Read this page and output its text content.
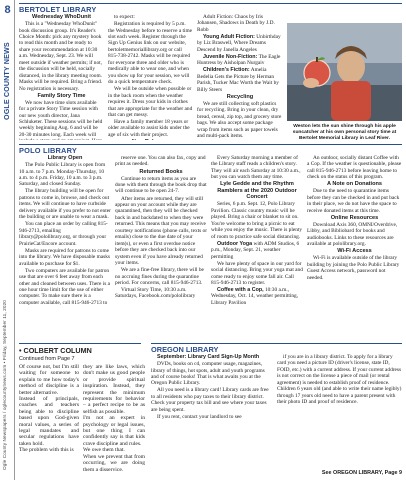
8
OGLE COUNTY NEWS
Ogle County Newspapers / oglecountynews.com • Friday, September 11, 2020
BERTOLET LIBRARY

Wednesday WhoDunit

This is a "Wednesday WhoDunit" book discussion group. It's Reader's Choice Month: pick any mystery book to read this month and be ready to share your recommendation at 10:30 a.m. Wednesday, Sept. 23. We will meet outside if weather permits; if not, the discussion will be held, socially distanced, in the library meeting room. Masks will be required. Bring a friend. No registration is necessary.

Family Story Time

We now have time slots available for a private Story Time session with our new youth director, Jana Schluketer. These sessions will be held weekly beginning Aug. 6 and will be 20-30 minutes long. Each week will

to expect:

Registration is required by 5 p.m. the Wednesday before to reserve a time slot each week. Register through the Sign Up Genius link on our website, bertoletmemoriallibrary.org or call 815-738-2742. Masks will be required for everyone three and older who is medically able to wear one, and when you show up for your session, we will do a quick temperature check.

We will be outside when possible or in the back room when the weather requires it. Dress your kids in clothes that are appropriate for the weather and that can get messy.

Have a family member 18 years or older available to assist kids under the age of six with their project.

Adult Fiction: Chaos by Iris Johansen, Shadows in Death by J.D. Robb

Young Adult Fiction: Unbirthday by Liz Braswell, Where Dreams Descend by Janella Angeles

Juvenile Non-Fiction: The Eagle Huntress by Aisholpan Nurgaiv

Children's Fiction: Amelia Bedelia Gets the Picture by Herman Parish, Tucker Mac Worth the Wait by Billy Steers

Recycling

We are still collecting soft plastics for recycling. Bring in your clean, dry bread, cereal, zip top, and grocery store bags. We also accept some package wrap from items such as paper towels and multi-pack items.

Weston lets the sun shine through his apple suncatcher at his own personal story time at Bertolet Memorial Library in Leaf River.
POLO LIBRARY

Library Open

The Polo Public Library is open from 10 a.m. to 7 p.m. Monday-Thursday, 10 a.m. to 4 p.m. Friday, 10 a.m. to 3 p.m. Saturday, and closed Sunday.

The library building will be open for patrons to come in, browse, and check out items. We will continue to have curbside delivery available if you prefer to not enter the building or are unable to wear a mask.

You can place an order by calling 815-946-2713, emailing library@pololibrary.org, or through your PrairieCat/Encore account.

Masks are required for patrons to come into the library. We have disposable masks available to purchase for $1.

Two computers are available for patron use that are over 6 feet away from each other and cleaned between uses. There is a one hour time limit for the use of either computer. To make sure there is a computer available, call 815-946-2713 to

reserve one. You can also fax, copy and print as needed.

Returned Books

Continue to return items as you are done with them through the book drop that will continue to be open 24-7.

After items are returned, they will still appear on your account while they are quarantined, then they will be checked back in and backdated to when they were returned. This means that you may receive courtesy notifications (phone calls, texts or emails) close to the due date of your item(s), or even a first overdue notice before they are checked back into our system even if you have already returned your items.

We are a fine-free library, there will be no accruing fines during the quarantine period. For concerns, call 815-946-2713.

Virtual Story Time, 10:30 a.m. Saturdays, Facebook.com/pololibrary

Every Saturday morning a member of the Library staff reads a children's story. They will air each Saturday at 10:30 a.m., but you can watch them any time.

Lyle Gedde and the Rhythm Ramblers at the 2020 Outdoor Concert

Series, 6 p.m. Sept. 12, Polo Library Pavilion. Classic country music will be played. Bring a chair or blanket to sit on. You're welcome to bring a picnic to eat while you enjoy the music. There is plenty of room to practice safe social distancing.

Outdoor Yoga with ADM Studios, 6 p.m., Monday, Sept. 21, weather permitting

We have plenty of space in our yard for social distancing. Bring your yoga mat and come ready to enjoy some fall air. Call 815-946-2713 to register.

Coffee with a Cop, 10:30 a.m., Wednesday, Oct. 14, weather permitting, Library Pavilion

An outdoor, socially distant Coffee with a Cop. If the weather is questionable, please call 815-946-2713 before leaving home to check on the status of this program.

A Note on Donations

Due to the need to quarantine items before they can be checked in and put back in their place, we do not have the space to receive donated items at this time.

Online Resources

Download Axis 360, OMNI/Overdrive, Libby, and Bibliobard for books and audiobooks. Links to these resources are available at pololibrary.org.

Wi-Fi Access

Wi-Fi is available outside of the library building by joining the Polo Public Library Guest Access network, password not needed.

• COLBERT COLUMN
Continued from Page 7
Of course not, but I'm still waiting for someone to explain to me how today's method of discipline is a better alternative.
Instead of principals, coaches and teachers being able to discipline based upon God-given moral values, a series of legal mandates and secular regulations have taken hold.
The problem with this is
they are like laws, which don't make us good people or provide spiritual inspiration. Instead, they represent the minimum requirements for behavior – a perfect recipe to be as selfish as possible.
I'm not an expert in psychology or legal issues, but one thing I can confidently say is that kids crave discipline and rules.
We owe them that.
When we prevent that from occurring, we are doing them a disservice.
OREGON LIBRARY

September: Library Card Sign-Up Month

DVDs, books on cd, computer usage, magazines, library of things, hot spots, adult and youth programs and of course books! That is what awaits you at the Oregon Public Library.

All you need is a library card! Library cards are free to all residents who pay taxes to their library district. Check your property tax bill and see where your taxes are being spent.

If you rent, contact your landlord to see

if you are in a library district. To apply for a library card you need a picture ID (driver's license, state ID, FOID, etc.) with a current address. If your current address is not correct on the license a piece of mail (or rental agreement) is needed to establish proof of residence. Children 6 years old (and able to write their name legibly) through 17 years old need to have a parent present with their photo ID and proof of residence.

See OREGON LIBRARY, Page 9
